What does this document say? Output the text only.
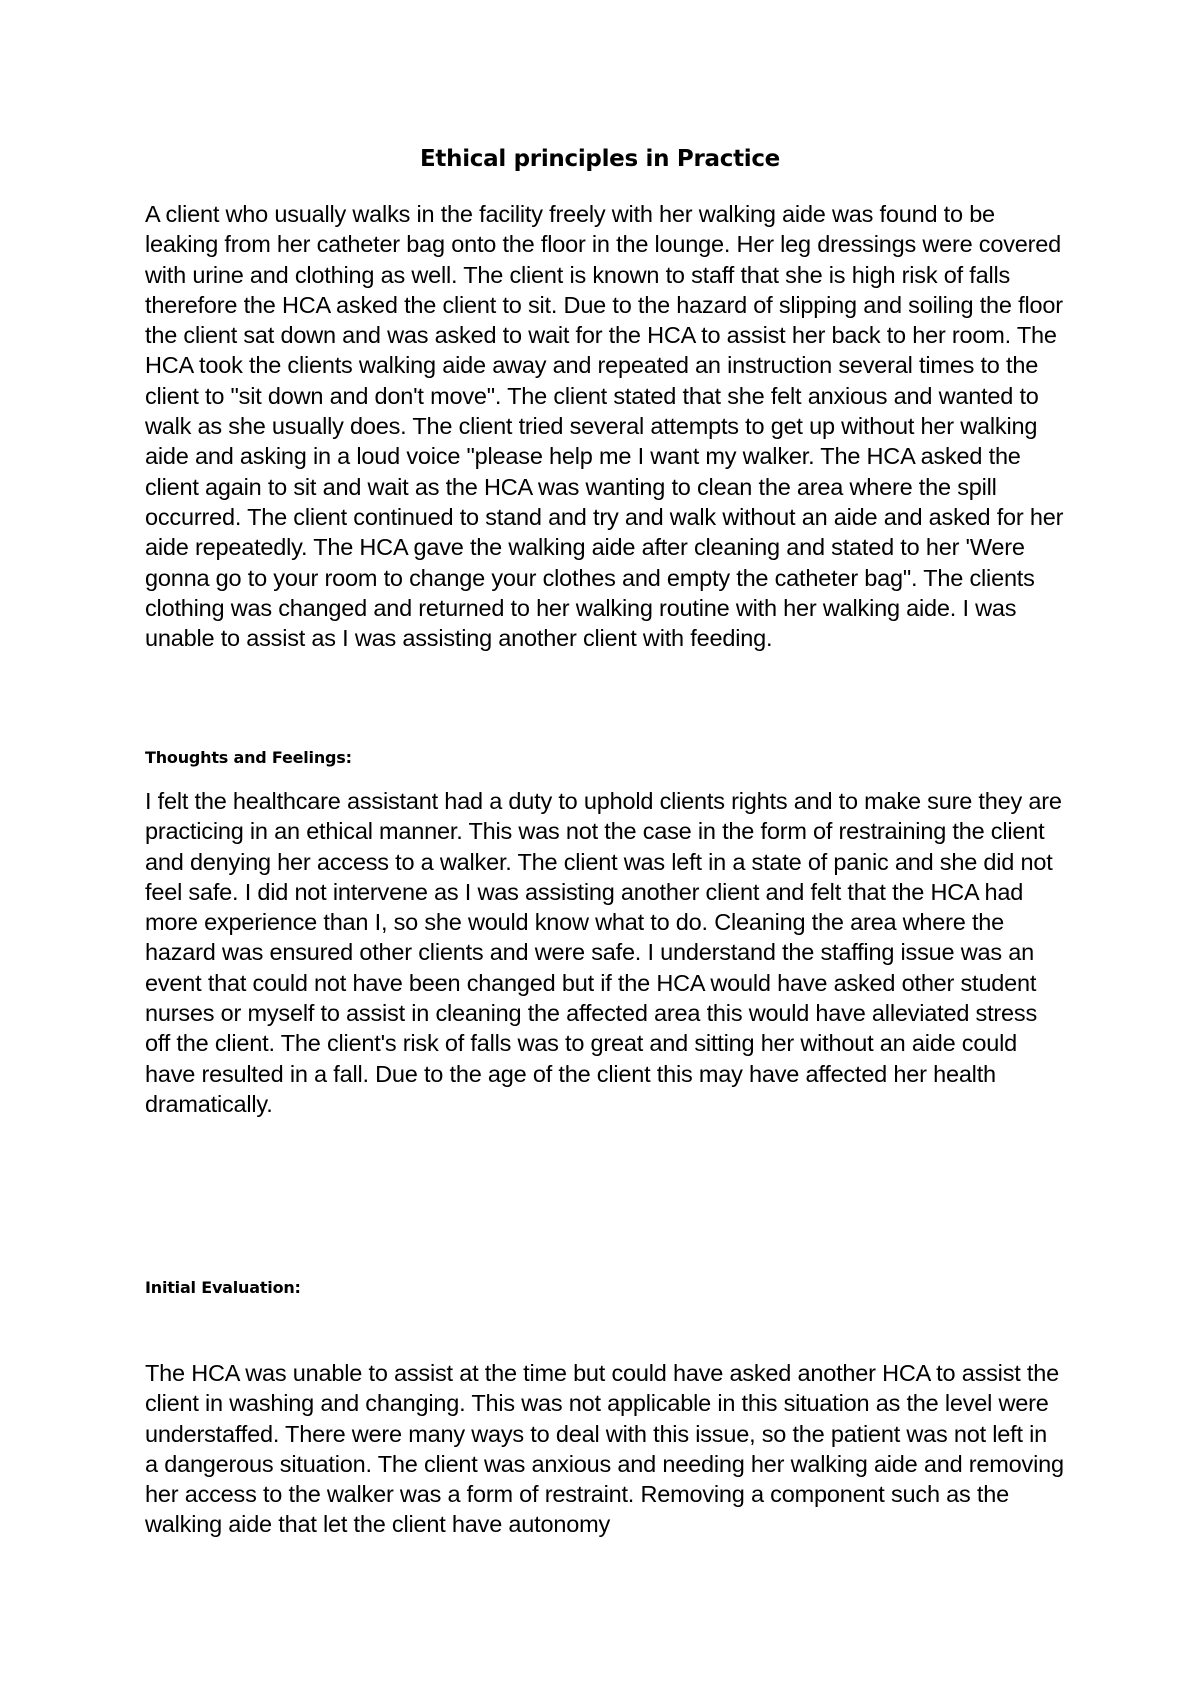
Ethical principles in Practice

A client who usually walks in the facility freely with her walking aide was found to be leaking from her catheter bag onto the floor in the lounge. Her leg dressings were covered with urine and clothing as well. The client is known to staff that she is high risk of falls therefore the HCA asked the client to sit. Due to the hazard of slipping and soiling the floor the client sat down and was asked to wait for the HCA to assist her back to her room. The HCA took the clients walking aide away and repeated an instruction several times to the client to "sit down and don't move". The client stated that she felt anxious and wanted to walk as she usually does. The client tried several attempts to get up without her walking aide and asking in a loud voice "please help me I want my walker. The HCA asked the client again to sit and wait as the HCA was wanting to clean the area where the spill occurred. The client continued to stand and try and walk without an aide and asked for her aide repeatedly. The HCA gave the walking aide after cleaning and stated to her 'Were gonna go to your room to change your clothes and empty the catheter bag". The clients clothing was changed and returned to her walking routine with her walking aide. I was unable to assist as I was assisting another client with feeding.

Thoughts and Feelings:

I felt the healthcare assistant had a duty to uphold clients rights and to make sure they are practicing in an ethical manner. This was not the case in the form of restraining the client and denying her access to a walker. The client was left in a state of panic and she did not feel safe. I did not intervene as I was assisting another client and felt that the HCA had more experience than I, so she would know what to do. Cleaning the area where the hazard was ensured other clients and were safe. I understand the staffing issue was an event that could not have been changed but if the HCA would have asked other student nurses or myself to assist in cleaning the affected area this would have alleviated stress off the client. The client's risk of falls was to great and sitting her without an aide could have resulted in a fall. Due to the age of the client this may have affected her health dramatically.

Initial Evaluation:

The HCA was unable to assist at the time but could have asked another HCA to assist the client in washing and changing. This was not applicable in this situation as the level were understaffed. There were many ways to deal with this issue, so the patient was not left in a dangerous situation. The client was anxious and needing her walking aide and removing her access to the walker was a form of restraint. Removing a component such as the walking aide that let the client have autonomy
